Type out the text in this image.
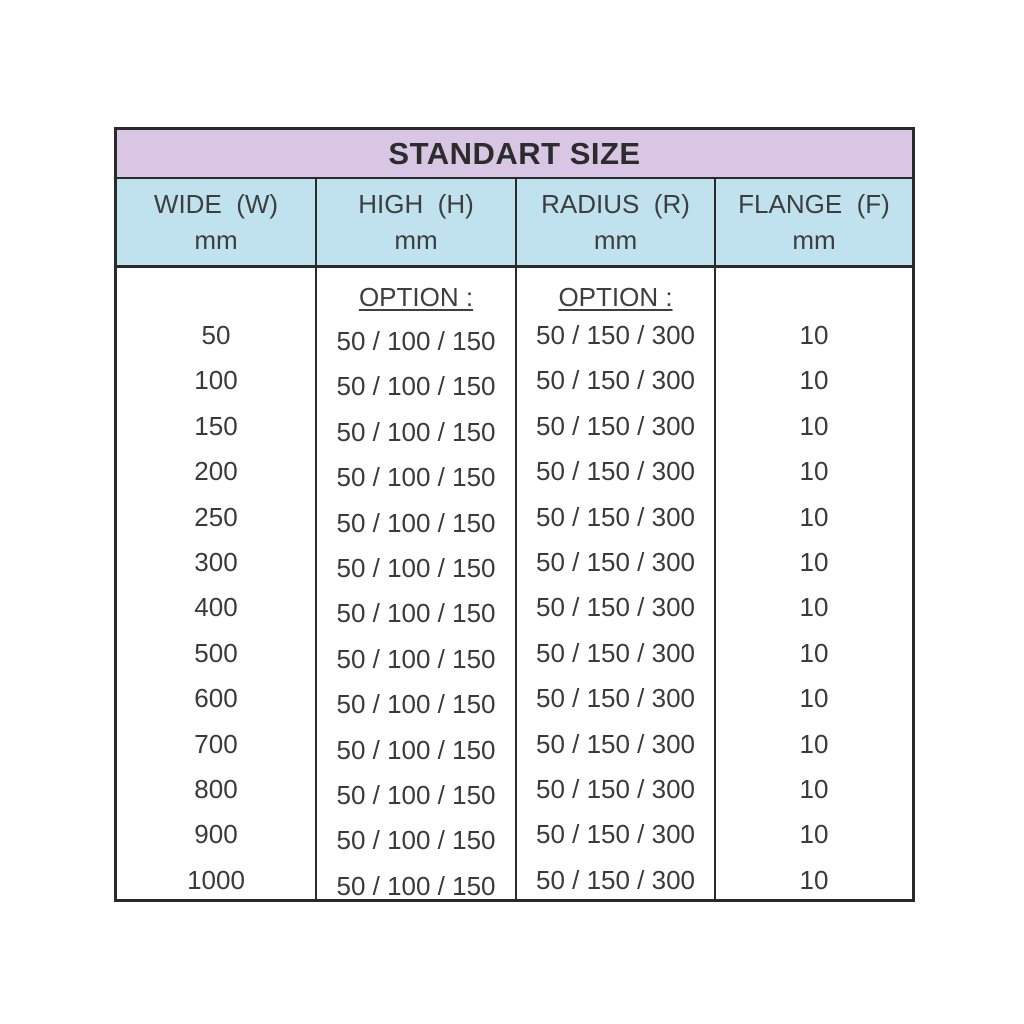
STANDART SIZE
WIDE  (W)
mm
HIGH  (H)
mm
RADIUS  (R)
mm
FLANGE  (F)
mm
50
100
150
200
250
300
400
500
600
700
800
900
1000
OPTION :
50 / 100 / 150
50 / 100 / 150
50 / 100 / 150
50 / 100 / 150
50 / 100 / 150
50 / 100 / 150
50 / 100 / 150
50 / 100 / 150
50 / 100 / 150
50 / 100 / 150
50 / 100 / 150
50 / 100 / 150
50 / 100 / 150
OPTION :
50 / 150 / 300
50 / 150 / 300
50 / 150 / 300
50 / 150 / 300
50 / 150 / 300
50 / 150 / 300
50 / 150 / 300
50 / 150 / 300
50 / 150 / 300
50 / 150 / 300
50 / 150 / 300
50 / 150 / 300
50 / 150 / 300
10
10
10
10
10
10
10
10
10
10
10
10
10
